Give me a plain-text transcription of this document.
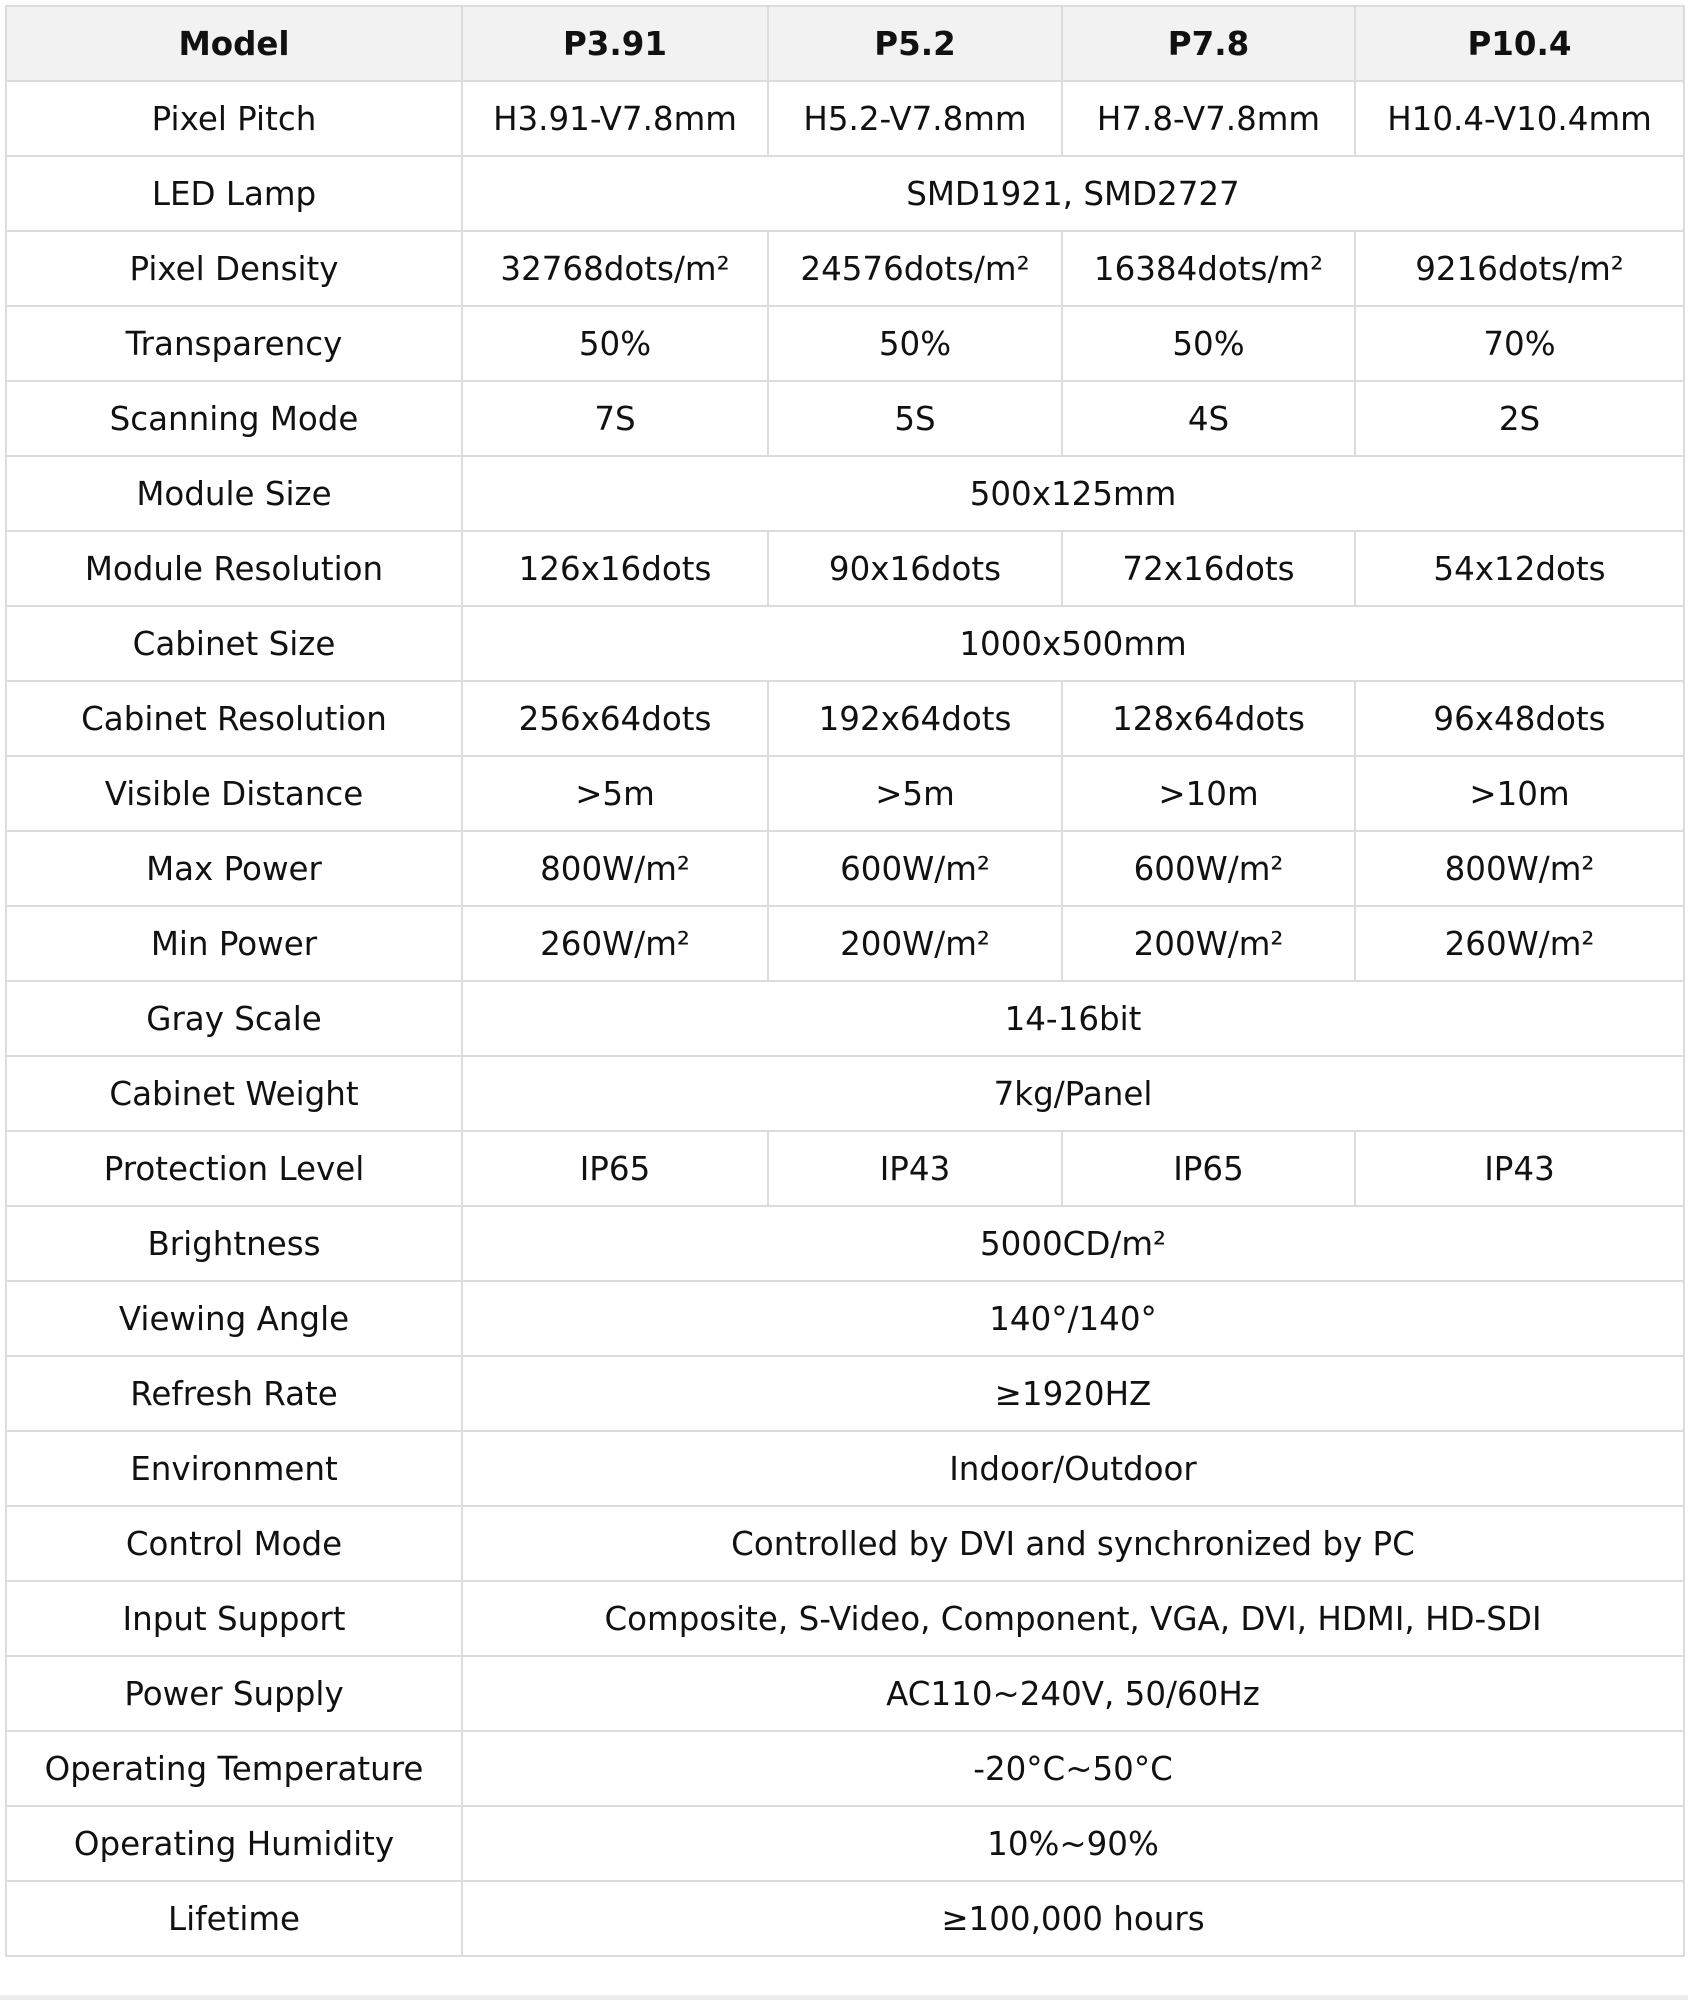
Model	P3.91	P5.2	P7.8	P10.4
Pixel Pitch	H3.91-V7.8mm	H5.2-V7.8mm	H7.8-V7.8mm	H10.4-V10.4mm
LED Lamp	SMD1921, SMD2727			
Pixel Density	32768dots/m²	24576dots/m²	16384dots/m²	9216dots/m²
Transparency	50%	50%	50%	70%
Scanning Mode	7S	5S	4S	2S
Module Size	500x125mm			
Module Resolution	126x16dots	90x16dots	72x16dots	54x12dots
Cabinet Size	1000x500mm			
Cabinet Resolution	256x64dots	192x64dots	128x64dots	96x48dots
Visible Distance	>5m	>5m	>10m	>10m
Max Power	800W/m²	600W/m²	600W/m²	800W/m²
Min Power	260W/m²	200W/m²	200W/m²	260W/m²
Gray Scale	14-16bit			
Cabinet Weight	7kg/Panel			
Protection Level	IP65	IP43	IP65	IP43
Brightness	5000CD/m²			
Viewing Angle	140°/140°			
Refresh Rate	≥1920HZ			
Environment	Indoor/Outdoor			
Control Mode	Controlled by DVI and synchronized by PC			
Input Support	Composite, S-Video, Component, VGA, DVI, HDMI, HD-SDI			
Power Supply	AC110~240V, 50/60Hz			
Operating Temperature	-20°C~50°C			
Operating Humidity	10%~90%			
Lifetime	≥100,000 hours			
